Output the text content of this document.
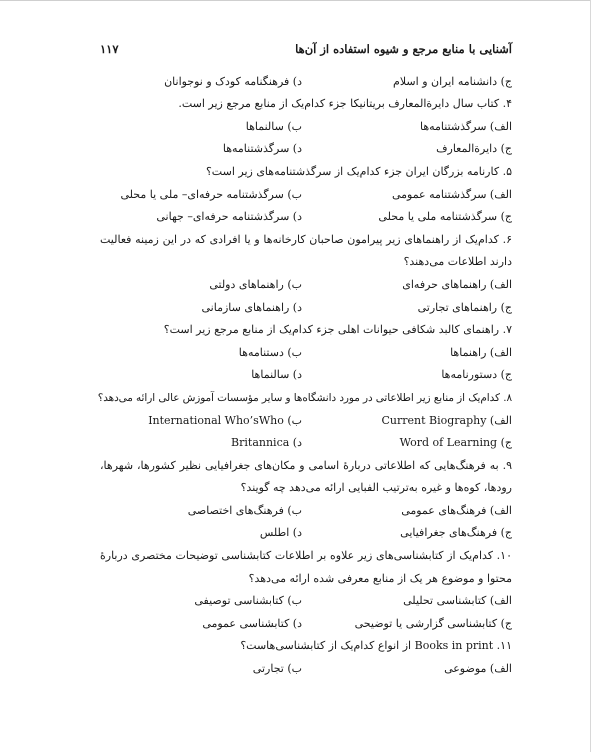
آشنایی با منابع مرجع و شیوه استفاده از آن‌ها
۱۱۷
ج) دانشنامه ایران و اسلام
د) فرهنگنامه کودک و نوجوانان
۴. کتاب سال دایرةالمعارف بریتانیکا جزء کدام‌یک از منابع مرجع زیر است.
الف) سرگذشتنامه‌ها
ب) سالنماها
ج) دایرةالمعارف
د) سرگذشتنامه‌ها
۵. کارنامه بزرگان ایران جزء کدام‌یک از سرگذشتنامه‌های زیر است؟
الف) سرگذشتنامه عمومی
ب) سرگذشتنامه حرفه‌ای– ملی یا محلی
ج) سرگذشتنامه ملی یا محلی
د) سرگذشتنامه حرفه‌ای– جهانی
۶. کدام‌یک از راهنماهای زیر پیرامون صاحبان کارخانه‌ها و یا افرادی که در این زمینه فعالیت دارند اطلاعات می‌دهند؟
الف) راهنماهای حرفه‌ای
ب) راهنماهای دولتی
ج) راهنماهای تجارتی
د) راهنماهای سازمانی
۷. راهنمای کالبد شکافی حیوانات اهلی جزء کدام‌یک از منابع مرجع زیر است؟
الف) راهنماها
ب) دستنامه‌ها
ج) دستورنامه‌ها
د) سالنماها
۸. کدام‌یک از منابع زیر اطلاعاتی در مورد دانشگاه‌ها و سایر مؤسسات آموزش عالی ارائه می‌دهد؟
الف) Current Biography
ب) International Who’sWho
ج) Word of Learning
د) Britannica
۹. به فرهنگ‌هایی که اطلاعاتی دربارۀ اسامی و مکان‌های جغرافیایی نظیر کشورها، شهرها، رودها، کوه‌ها و غیره به‌ترتیب الفبایی ارائه می‌دهد چه گویند؟
الف) فرهنگ‌های عمومی
ب) فرهنگ‌های اختصاصی
ج) فرهنگ‌های جغرافیایی
د) اطلس
۱۰. کدام‌یک از کتابشناسی‌های زیر علاوه بر اطلاعات کتابشناسی توضیحات مختصری دربارۀ محتوا و موضوع هر یک از منابع معرفی شده ارائه می‌دهد؟
الف) کتابشناسی تحلیلی
ب) کتابشناسی توصیفی
ج) کتابشناسی گزارشی یا توضیحی
د) کتابشناسی عمومی
۱۱. Books in print از انواع کدام‌یک از کتابشناسی‌هاست؟
الف) موضوعی
ب) تجارتی
